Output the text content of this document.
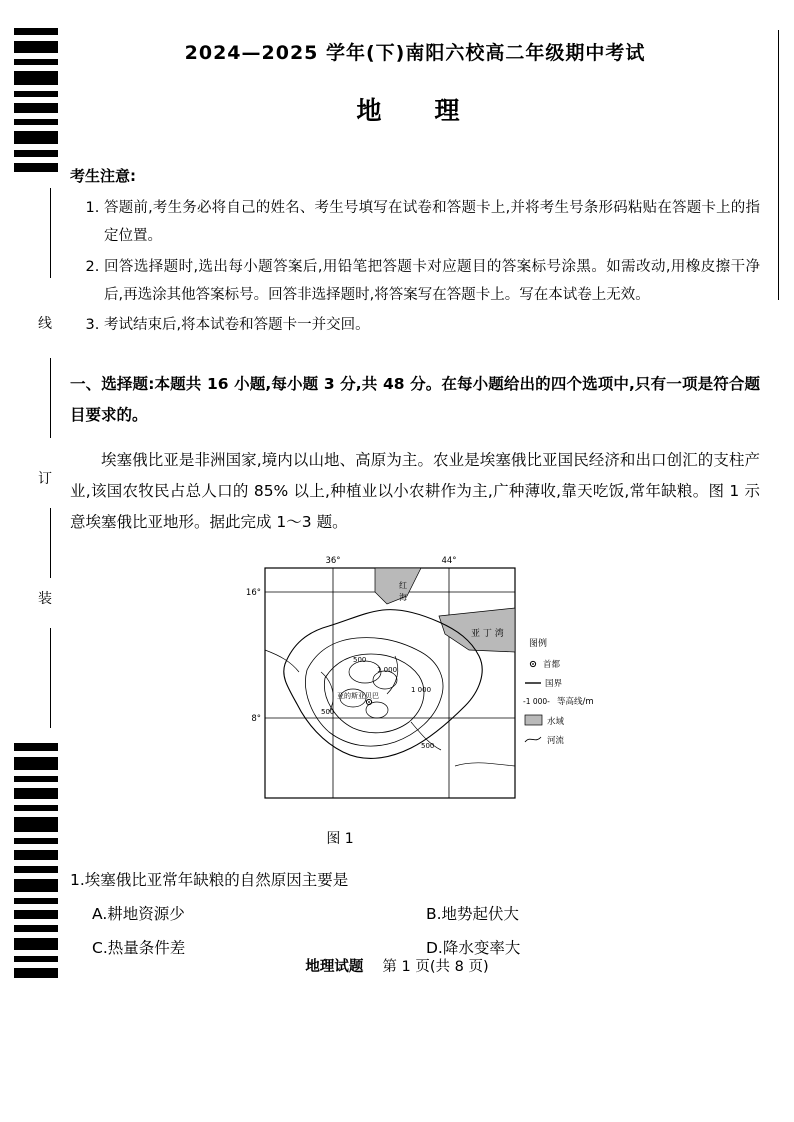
线
订
装
2024—2025 学年(下)南阳六校高二年级期中考试
地　理
考生注意:
1. 答题前,考生务必将自己的姓名、考生号填写在试卷和答题卡上,并将考生号条形码粘贴在答题卡上的指定位置。
2. 回答选择题时,选出每小题答案后,用铅笔把答题卡对应题目的答案标号涂黑。如需改动,用橡皮擦干净后,再选涂其他答案标号。回答非选择题时,将答案写在答题卡上。写在本试卷上无效。
3. 考试结束后,将本试卷和答题卡一并交回。
一、选择题:本题共 16 小题,每小题 3 分,共 48 分。在每小题给出的四个选项中,只有一项是符合题目要求的。
埃塞俄比亚是非洲国家,境内以山地、高原为主。农业是埃塞俄比亚国民经济和出口创汇的支柱产业,该国农牧民占总人口的 85% 以上,种植业以小农耕作为主,广种薄收,靠天吃饭,常年缺粮。图 1 示意埃塞俄比亚地形。据此完成 1～3 题。
36°	44°
16°
8°
红
海
亚 丁 湾
500
1 000
1 000
500
500
亚的斯亚贝巴
图例
首都
国界
-1 000- 等高线/m
水域
河流
图 1
1.埃塞俄比亚常年缺粮的自然原因主要是
A.耕地资源少	B.地势起伏大
C.热量条件差	D.降水变率大
地理试题 第 1 页(共 8 页)
